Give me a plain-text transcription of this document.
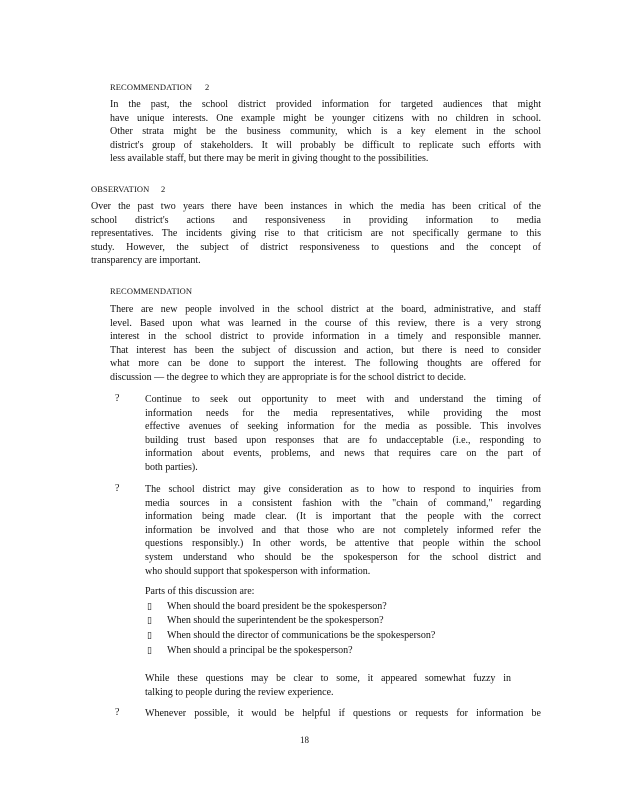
RECOMMENDATION 2
In the past, the school district provided information for targeted audiences that might
have unique interests. One example might be younger citizens with no children in school.
Other strata might be the business community, which is a key element in the school
district's group of stakeholders. It will probably be difficult to replicate such efforts with
less available staff, but there may be merit in giving thought to the possibilities.
OBSERVATION 2
Over the past two years there have been instances in which the media has been critical of the
school district's actions and responsiveness in providing information to media
representatives. The incidents giving rise to that criticism are not specifically germane to this
study. However, the subject of district responsiveness to questions and the concept of
transparency are important.
RECOMMENDATION
There are new people involved in the school district at the board, administrative, and staff
level. Based upon what was learned in the course of this review, there is a very strong
interest in the school district to provide information in a timely and responsible manner.
That interest has been the subject of discussion and action, but there is need to consider
what more can be done to support the interest. The following thoughts are offered for
discussion — the degree to which they are appropriate is for the school district to decide.
?	Continue to seek out opportunity to meet with and understand the timing of
information needs for the media representatives, while providing the most
effective avenues of seeking information for the media as possible. This involves
building trust based upon responses that are fo undacceptable (i.e., responding to
information about events, problems, and news that requires care on the part of
both parties).
?	The school district may give consideration as to how to respond to inquiries from
media sources in a consistent fashion with the "chain of command," regarding
information being made clear. (It is important that the people with the correct
information be involved and that those who are not completely informed refer the
questions responsibly.) In other words, be attentive that people within the school
system understand who should be the spokesperson for the school district and
who should support that spokesperson with information.
Parts of this discussion are:
▯ When should the board president be the spokesperson?
▯ When should the superintendent be the spokesperson?
▯ When should the director of communications be the spokesperson?
▯ When should a principal be the spokesperson?
While these questions may be clear to some, it appeared somewhat fuzzy in
talking to people during the review experience.
?	Whenever possible, it would be helpful if questions or requests for information be
18
